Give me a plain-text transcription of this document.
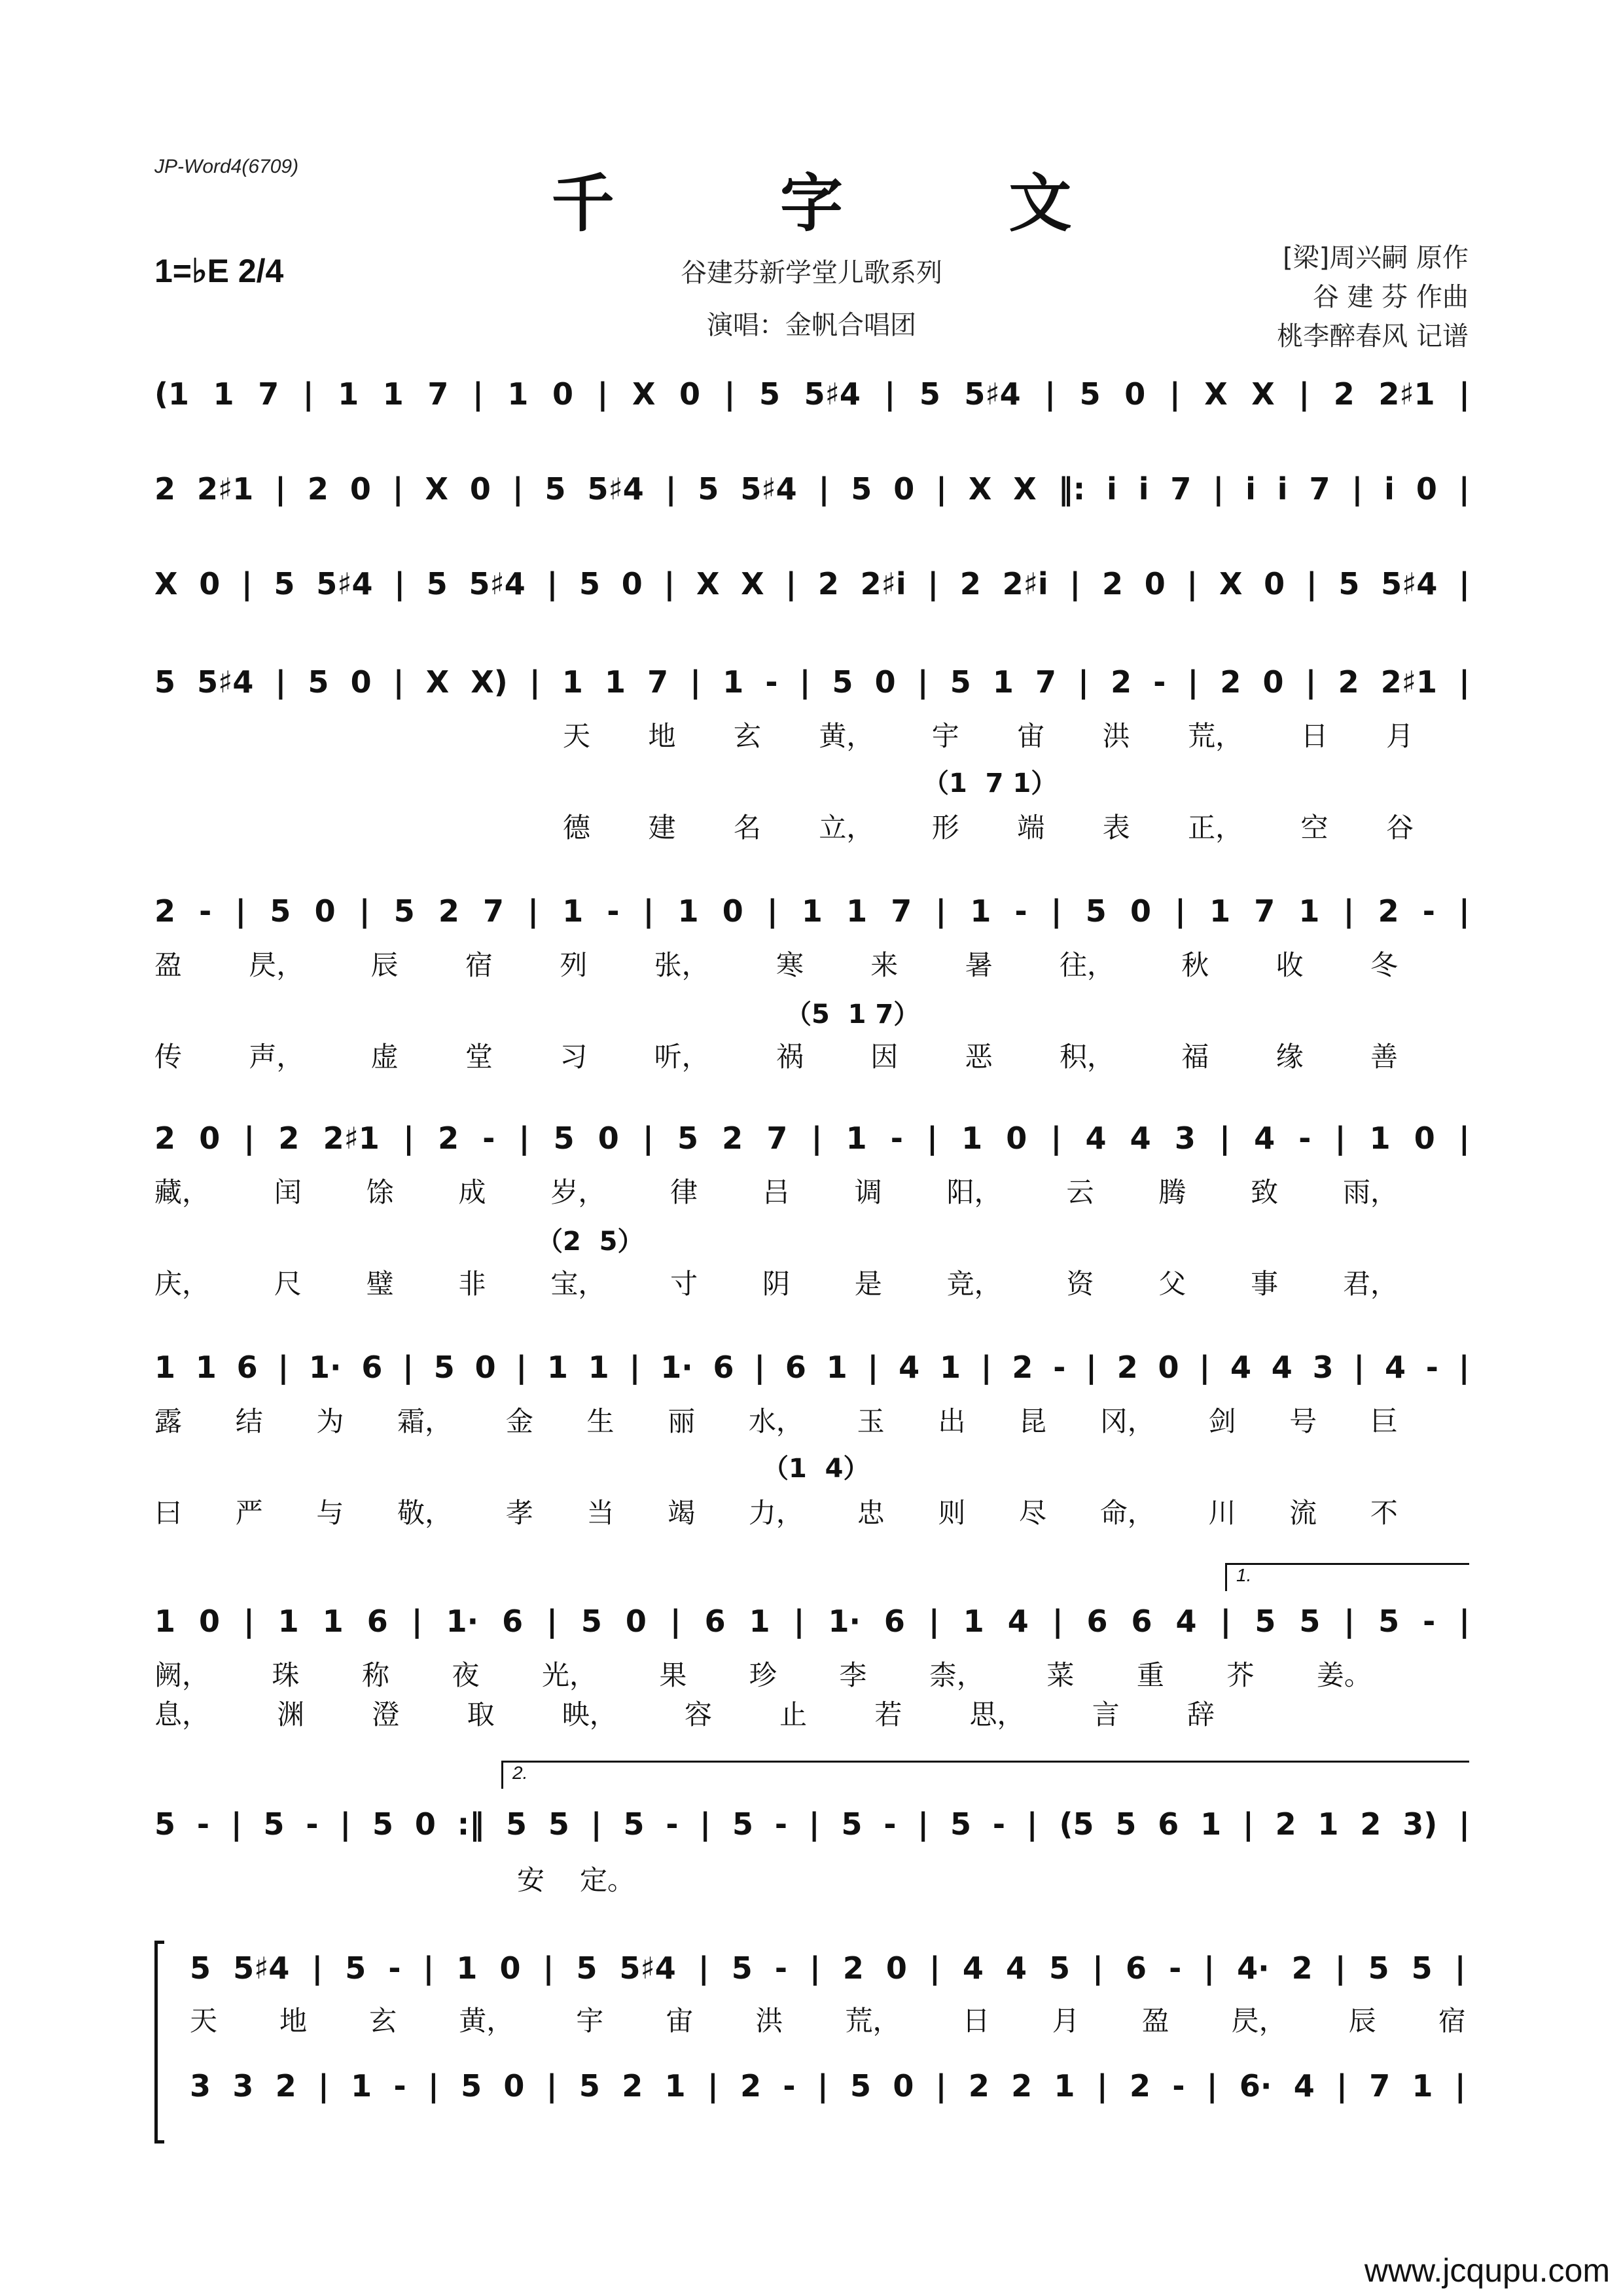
JP-Word4(6709)	千 字 文
1=♭E 2/4	谷建芬新学堂儿歌系列
演唱：金帆合唱团
[梁]周兴嗣 原作
谷 建 芬 作曲
桃李醉春风 记谱
(1 1 7 | 1 1 7 | 1 0 | X 0 | 5 5♯4 | 5 5♯4 | 5 0 | X X | 2 2♯1 |
2 2♯1 | 2 0 | X 0 | 5 5♯4 | 5 5♯4 | 5 0 | X X ‖: i i 7 | i i 7 | i 0 |
X 0 | 5 5♯4 | 5 5♯4 | 5 0 | X X | 2 2♯i | 2 2♯i | 2 0 | X 0 | 5 5♯4 |
5 5♯4 | 5 0 | X X) | 1 1 7 | 1 - | 5 0 | 5 1 7 | 2 - | 2 0 | 2 2♯1 |
天 地 玄 黄， 宇 宙 洪 荒， 日 月
（1  7 1）
德 建 名 立， 形 端 表 正， 空 谷
2 - | 5 0 | 5 2 7 | 1 - | 1 0 | 1 1 7 | 1 - | 5 0 | 1 7 1 | 2 - |
盈 昃， 辰 宿 列 张， 寒 来 暑 往， 秋 收 冬
（5  1 7）
传 声， 虚 堂 习 听， 祸 因 恶 积， 福 缘 善
2 0 | 2 2♯1 | 2 - | 5 0 | 5 2 7 | 1 - | 1 0 | 4 4 3 | 4 - | 1 0 |
藏， 闰 馀 成 岁， 律 吕 调 阳， 云 腾 致 雨，
（2  5）
庆， 尺 璧 非 宝， 寸 阴 是 竞， 资 父 事 君，
1 1 6 | 1· 6 | 5 0 | 1 1 | 1· 6 | 6 1 | 4 1 | 2 - | 2 0 | 4 4 3 | 4 - |
露 结 为 霜， 金 生 丽 水， 玉 出 昆 冈， 剑 号 巨
（1  4）
曰 严 与 敬， 孝 当 竭 力， 忠 则 尽 命， 川 流 不
1.
1 0 | 1 1 6 | 1· 6 | 5 0 | 6 1 | 1· 6 | 1 4 | 6 6 4 | 5 5 | 5 - |
阙， 珠 称 夜 光， 果 珍 李 柰， 菜 重 芥 姜。
息， 渊 澄 取 映， 容 止 若 思， 言 辞
2.
5 - | 5 - | 5 0 :‖ 5 5 | 5 - | 5 - | 5 - | 5 - | (5 5 6 1 | 2 1 2 3) |
安 定。
5 5♯4 | 5 - | 1 0 | 5 5♯4 | 5 - | 2 0 | 4 4 5 | 6 - | 4· 2 | 5 5 |
天 地 玄 黄， 宇 宙 洪 荒， 日 月 盈 昃， 辰 宿
3 3 2 | 1 - | 5 0 | 5 2 1 | 2 - | 5 0 | 2 2 1 | 2 - | 6· 4 | 7 1 |
www.jcqupu.com
